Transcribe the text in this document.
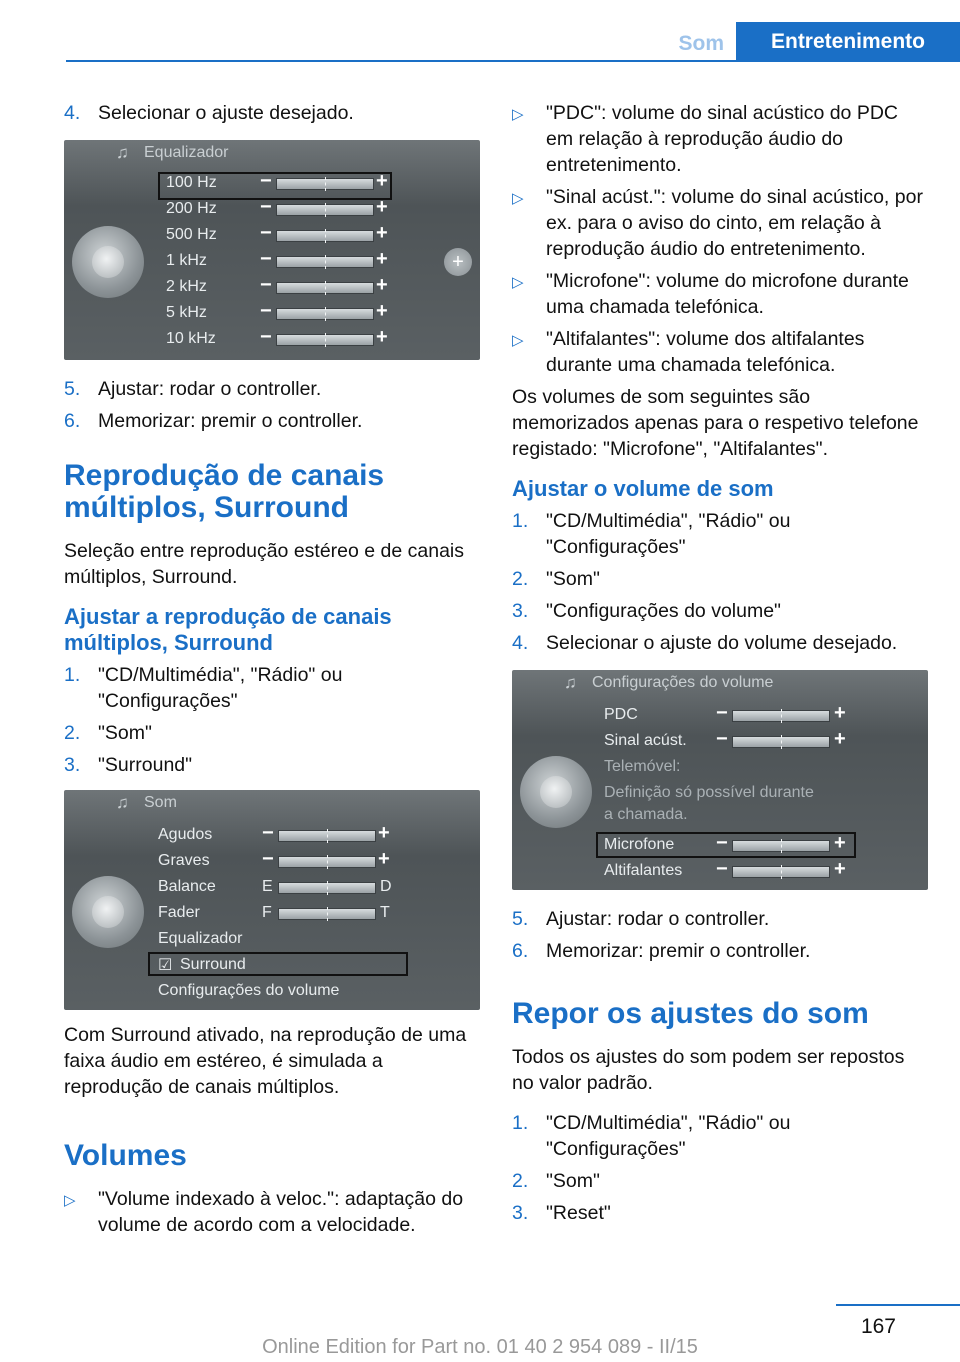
Som	Entretenimento
4. Selecionar o ajuste desejado.
♫ Equalizador
100 Hz −	+
200 Hz −	+
500 Hz −	+
1 kHz	−	+
2 kHz	−	+
5 kHz	−	+
10 kHz −	+
+
5. Ajustar: rodar o controller.
6. Memorizar: premir o controller.
Reprodução de canais múltiplos, Surround

Seleção entre reprodução estéreo e de canais múltiplos, Surround.

Ajustar a reprodução de canais múltiplos, Surround
1. "CD/Multimédia", "Rádio" ou "Configurações"
2. "Som"
3. "Surround"
♫ Som
Agudos −	+
Graves	−	+
Balance	E	D
Fader	F	T
Equalizador
☑ Surround
Configurações do volume

Com Surround ativado, na reprodução de uma faixa áudio em estéreo, é simulada a reprodução de canais múltiplos.

Volumes
▷	"Volume indexado à veloc.": adaptação do volume de acordo com a velocidade.
▷	"PDC": volume do sinal acústico do PDC em relação à reprodução áudio do entretenimento.
▷	"Sinal acúst.": volume do sinal acústico, por ex. para o aviso do cinto, em relação à reprodução áudio do entretenimento.
▷	"Microfone": volume do microfone durante uma chamada telefónica.
▷	"Altifalantes": volume dos altifalantes durante uma chamada telefónica.

Os volumes de som seguintes são memorizados apenas para o respetivo telefone registado: "Microfone", "Altifalantes".

Ajustar o volume de som
1. "CD/Multimédia", "Rádio" ou "Configurações"
2. "Som"
3. "Configurações do volume"
4. Selecionar o ajuste do volume desejado.
♫ Configurações do volume
PDC	−	+
Sinal acúst. −	+
Telemóvel:
Definição só possível durante
a chamada.
Microfone −	+
Altifalantes −	+
5. Ajustar: rodar o controller.
6. Memorizar: premir o controller.
Repor os ajustes do som

Todos os ajustes do som podem ser repostos no valor padrão.

1. "CD/Multimédia", "Rádio" ou "Configurações"
2. "Som"
3. "Reset"
167
Online Edition for Part no. 01 40 2 954 089 - II/15
